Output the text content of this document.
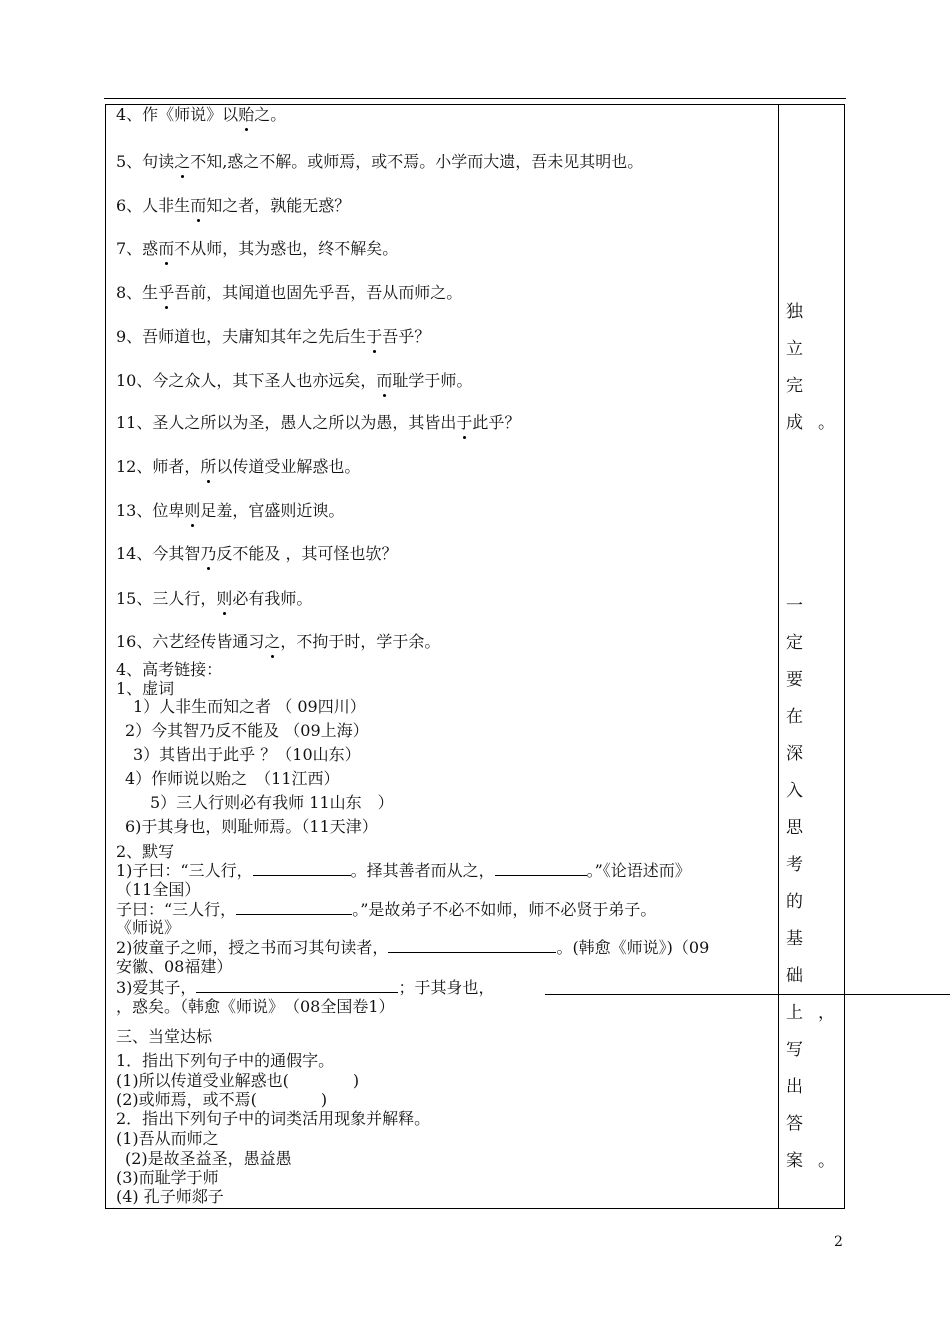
4、作《师说》以贻之。
5、句读之不知,惑之不解。或师焉，或不焉。小学而大遗，吾未见其明也。
6、人非生而知之者，孰能无惑？
7、惑而不从师，其为惑也，终不解矣。
8、生乎吾前，其闻道也固先乎吾，吾从而师之。
9、吾师道也，夫庸知其年之先后生于吾乎？
10、今之众人，其下圣人也亦远矣，而耻学于师。
11、圣人之所以为圣，愚人之所以为愚，其皆出于此乎？
12、师者，所以传道受业解惑也。
13、位卑则足羞，官盛则近谀。
14、今其智乃反不能及 ，其可怪也欤？
15、三人行，则必有我师。
16、六艺经传皆通习之，不拘于时，学于余。
4、高考链接：
1、虚词
1）人非生而知之者 （ 09四川）
2）今其智乃反不能及 （09上海）
3）其皆出于此乎 ？（10山东）
4）作师说以贻之　（11江西）
5）三人行则必有我师 11山东　）
6)于其身也，则耻师焉。（11天津）
2、默写
1)子曰：“三人行，	。择其善者而从之，	。”《论语述而》
（11全国）
子曰：“三人行，	。”是故弟子不必不如师，师不必贤于弟子。
《师说》
2)彼童子之师，授之书而习其句读者，	。(韩愈《师说》)（09
安徽、08福建）
3)爱其子，	；于其身也，
，惑矣。（韩愈《师说》　（08全国卷1）
三、当堂达标
1．指出下列句子中的通假字。
(1)所以传道受业解惑也(　　　　)
(2)或师焉，或不焉(　　　　)
2．指出下列句子中的词类活用现象并解释。
(1)吾从而师之
(2)是故圣益圣，愚益愚
(3)而耻学于师
(4) 孔子师郯子
独立完成。
一定要在深入思考的基础上，写出答案。
2
